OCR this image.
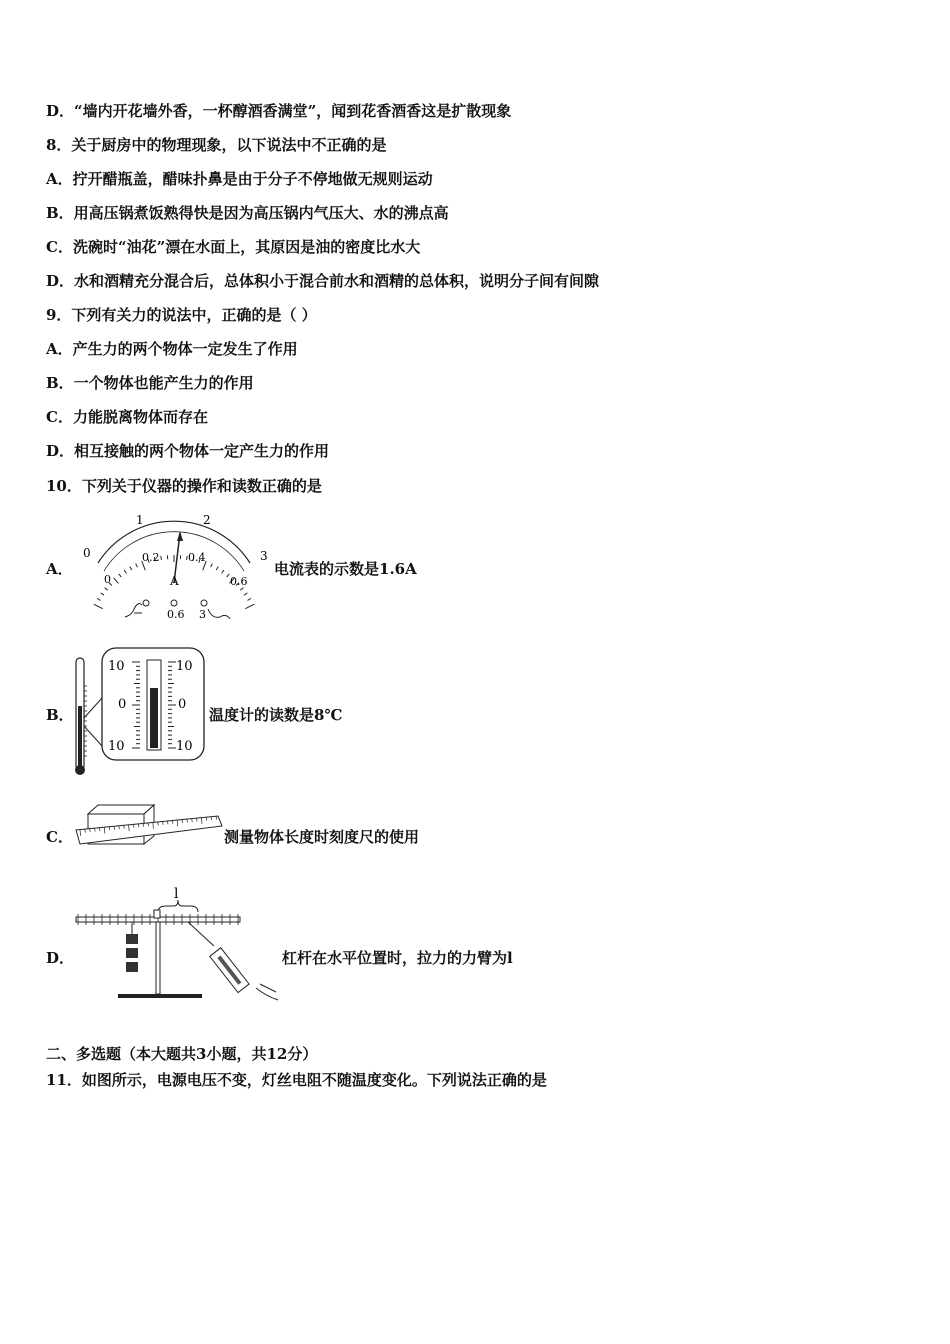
D．“墙内开花墙外香，一杯醇酒香满堂”，闻到花香酒香这是扩散现象
8．关于厨房中的物理现象，以下说法中不正确的是
A．拧开醋瓶盖，醋味扑鼻是由于分子不停地做无规则运动
B．用高压锅煮饭熟得快是因为高压锅内气压大、水的沸点高
C．洗碗时“油花”漂在水面上，其原因是油的密度比水大
D．水和酒精充分混合后，总体积小于混合前水和酒精的总体积，说明分子间有间隙
9．下列有关力的说法中，正确的是（ ）
A．产生力的两个物体一定发生了作用
B．一个物体也能产生力的作用
C．力能脱离物体而存在
D．相互接触的两个物体一定产生力的作用
10．下列关于仪器的操作和读数正确的是
A．
0
1	2
3
0.2	0.4
0.6
0	A
0.6 3
电流表的示数是1.6A
B．
10
0
10
10
0
10
温度计的读数是8℃
C．	测量物体长度时刻度尺的使用
D．
l
杠杆在水平位置时，拉力的力臂为l
二、多选题（本大题共3小题，共12分）
11．如图所示，电源电压不变，灯丝电阻不随温度变化。下列说法正确的是
